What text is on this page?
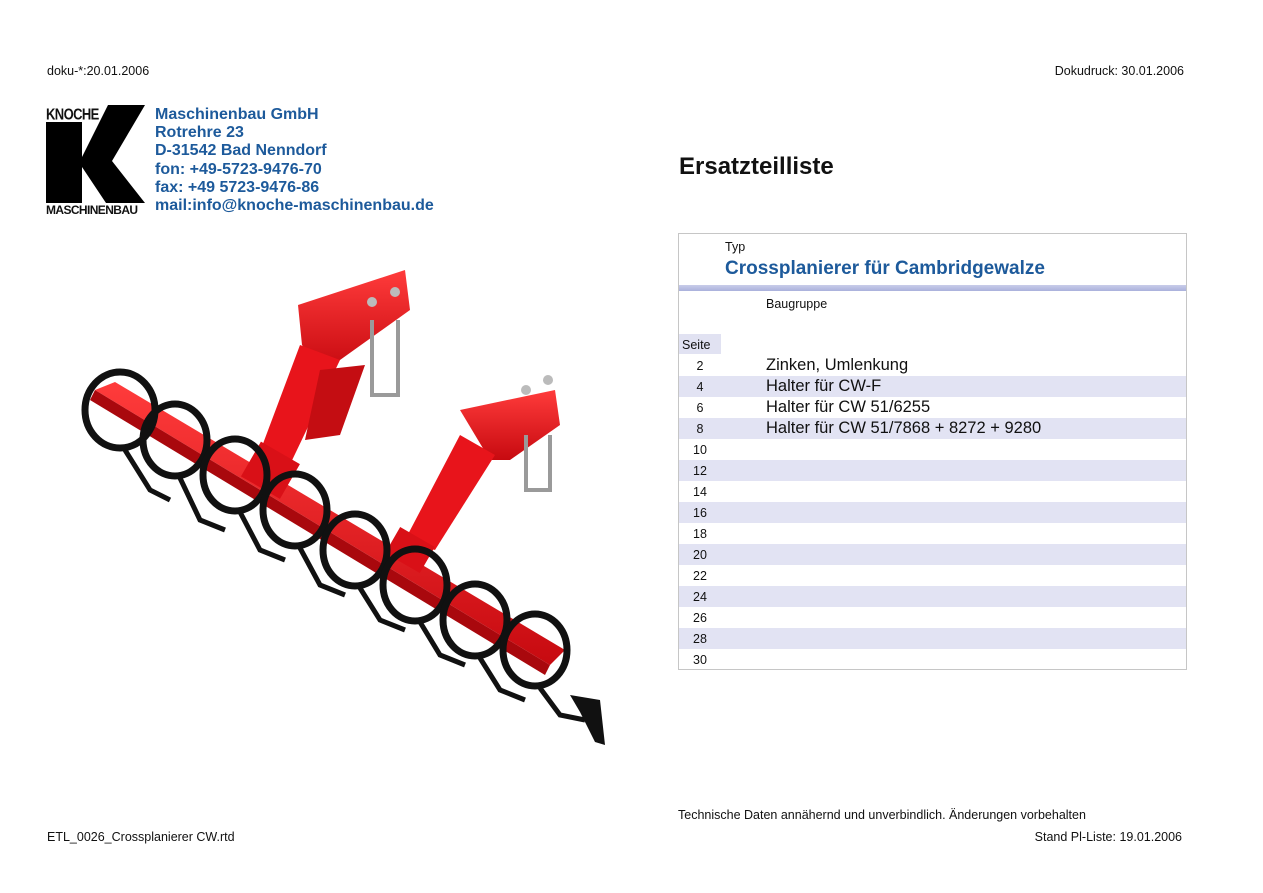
doku-*:20.01.2006	Dokudruck: 30.01.2006
KNOCHE
MASCHINENBAU
Maschinenbau GmbH
Rotrehre 23
D-31542 Bad Nenndorf
fon: +49-5723-9476-70
fax: +49 5723-9476-86
mail:info@knoche-maschinenbau.de
Ersatzteilliste
Typ
Crossplanierer für Cambridgewalze
Baugruppe
Seite
2	Zinken, Umlenkung
4	Halter für CW-F
6	Halter für CW 51/6255
8	Halter für CW 51/7868 + 8272 + 9280
10
12
14
16
18
20
22
24
26
28
30
Technische Daten annähernd und unverbindlich. Änderungen vorbehalten
ETL_0026_Crossplanierer CW.rtd	Stand Pl-Liste: 19.01.2006
